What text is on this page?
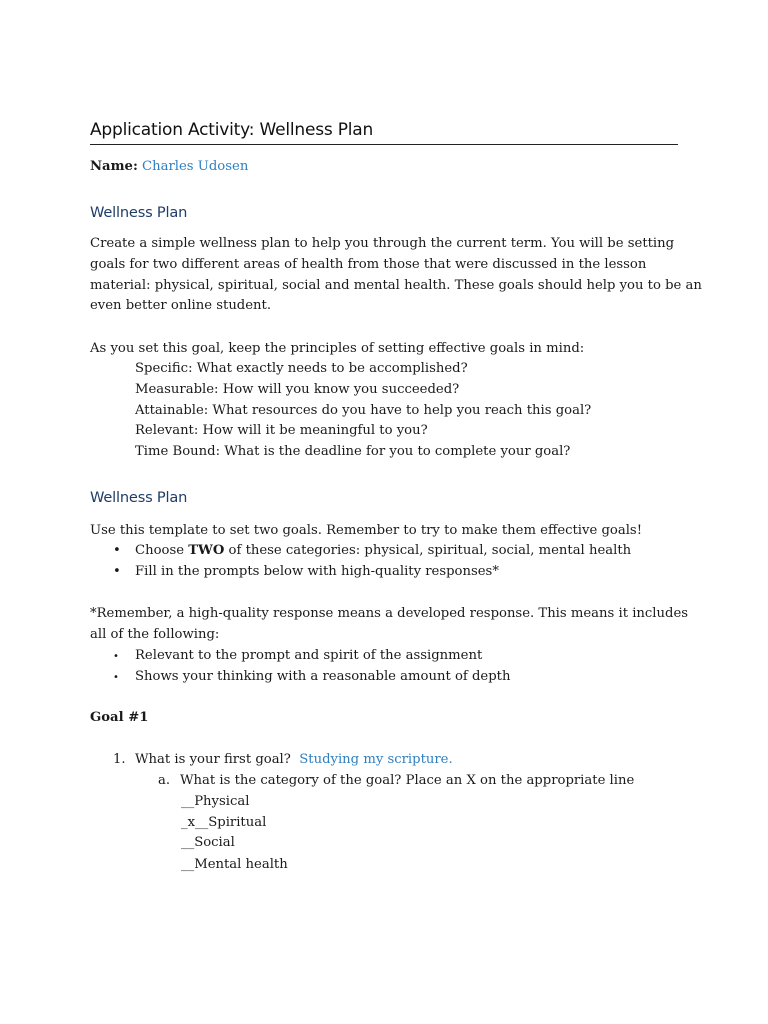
Application Activity: Wellness Plan
Name: Charles Udosen
Wellness Plan
Create a simple wellness plan to help you through the current term. You will be setting
goals for two different areas of health from those that were discussed in the lesson
material: physical, spiritual, social and mental health. These goals should help you to be an
even better online student.
As you set this goal, keep the principles of setting effective goals in mind:
Specific: What exactly needs to be accomplished?
Measurable: How will you know you succeeded?
Attainable: What resources do you have to help you reach this goal?
Relevant: How will it be meaningful to you?
Time Bound: What is the deadline for you to complete your goal?
Wellness Plan
Use this template to set two goals. Remember to try to make them effective goals!
• Choose TWO of these categories: physical, spiritual, social, mental health
• Fill in the prompts below with high-quality responses*
*Remember, a high-quality response means a developed response. This means it includes
all of the following:
• Relevant to the prompt and spirit of the assignment
• Shows your thinking with a reasonable amount of depth
Goal #1
1. What is your first goal? Studying my scripture.
a. What is the category of the goal? Place an X on the appropriate line
__Physical
_x__Spiritual
__Social
__Mental health
